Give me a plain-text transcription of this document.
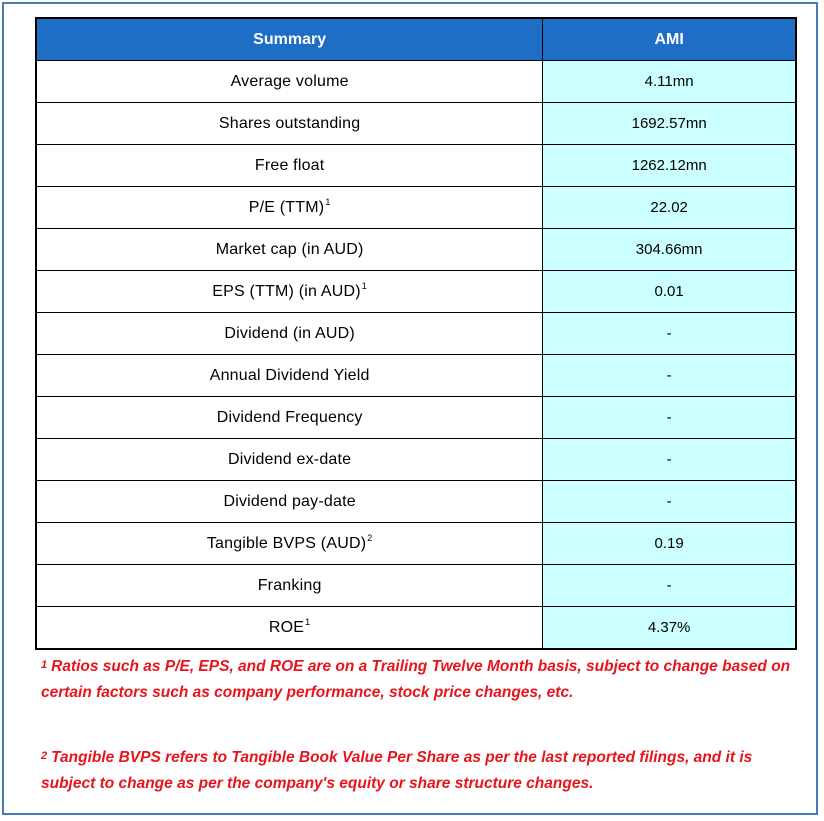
Summary	AMI
Average volume	4.11mn
Shares outstanding	1692.57mn
Free float	1262.12mn
P/E (TTM)$^1$	22.02
Market cap (in AUD)	304.66mn
EPS (TTM) (in AUD)$^1$	0.01
Dividend (in AUD)	-
Annual Dividend Yield	-
Dividend Frequency	-
Dividend ex-date	-
Dividend pay-date	-
Tangible BVPS (AUD)$^2$	0.19
Franking	-
ROE$^1$	4.37%

$^1$ Ratios such as P/E, EPS, and ROE are on a Trailing Twelve Month basis, subject to change based on certain factors such as company performance, stock price changes, etc.

$^2$ Tangible BVPS refers to Tangible Book Value Per Share as per the last reported filings, and it is subject to change as per the company's equity or share structure changes.
